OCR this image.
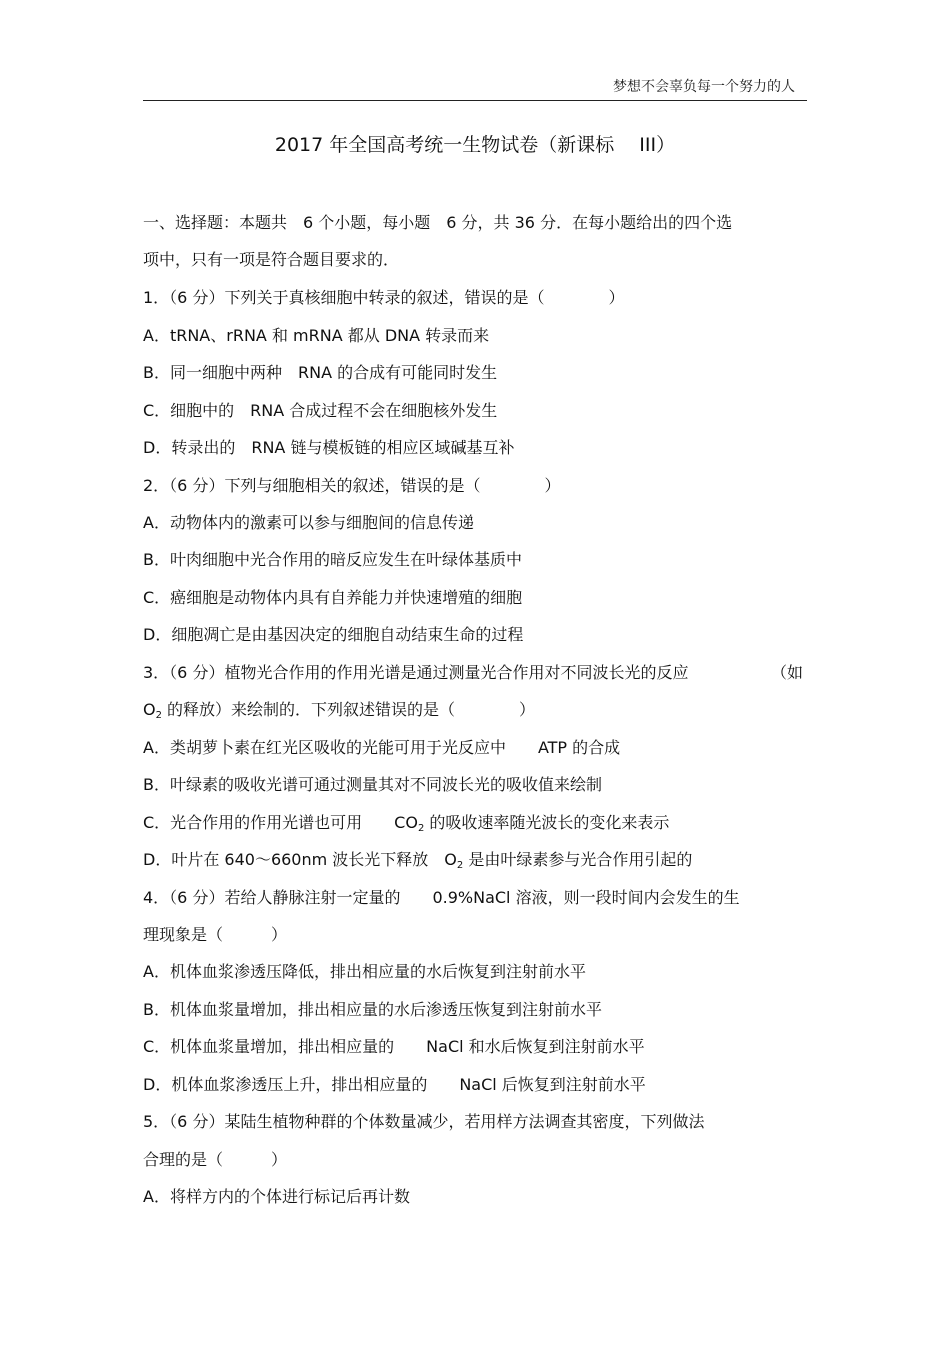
梦想不会辜负每一个努力的人
2017 年全国高考统一生物试卷（新课标　 III）
一、选择题：本题共　6 个小题，每小题　6 分，共 36 分．在每小题给出的四个选
项中，只有一项是符合题目要求的．
1．（6 分）下列关于真核细胞中转录的叙述，错误的是（　　　　）
A．tRNA、rRNA 和 mRNA 都从 DNA 转录而来
B．同一细胞中两种　RNA 的合成有可能同时发生
C．细胞中的　RNA 合成过程不会在细胞核外发生
D．转录出的　RNA 链与模板链的相应区域碱基互补
2．（6 分）下列与细胞相关的叙述，错误的是（　　　　）
A．动物体内的激素可以参与细胞间的信息传递
B．叶肉细胞中光合作用的暗反应发生在叶绿体基质中
C．癌细胞是动物体内具有自养能力并快速增殖的细胞
D．细胞凋亡是由基因决定的细胞自动结束生命的过程
3．（6 分）植物光合作用的作用光谱是通过测量光合作用对不同波长光的反应	（如
$O_2$ 的释放）来绘制的．下列叙述错误的是（　　　　）
A．类胡萝卜素在红光区吸收的光能可用于光反应中　　ATP 的合成
B．叶绿素的吸收光谱可通过测量其对不同波长光的吸收值来绘制
C．光合作用的作用光谱也可用　　$CO_2$ 的吸收速率随光波长的变化来表示
D．叶片在 640～660nm 波长光下释放　$O_2$ 是由叶绿素参与光合作用引起的
4．（6 分）若给人静脉注射一定量的　　0.9%NaCl 溶液，则一段时间内会发生的生
理现象是（　　　）
A．机体血浆渗透压降低，排出相应量的水后恢复到注射前水平
B．机体血浆量增加，排出相应量的水后渗透压恢复到注射前水平
C．机体血浆量增加，排出相应量的　　NaCl 和水后恢复到注射前水平
D．机体血浆渗透压上升，排出相应量的　　NaCl 后恢复到注射前水平
5．（6 分）某陆生植物种群的个体数量减少，若用样方法调查其密度，下列做法
合理的是（　　　）
A．将样方内的个体进行标记后再计数
